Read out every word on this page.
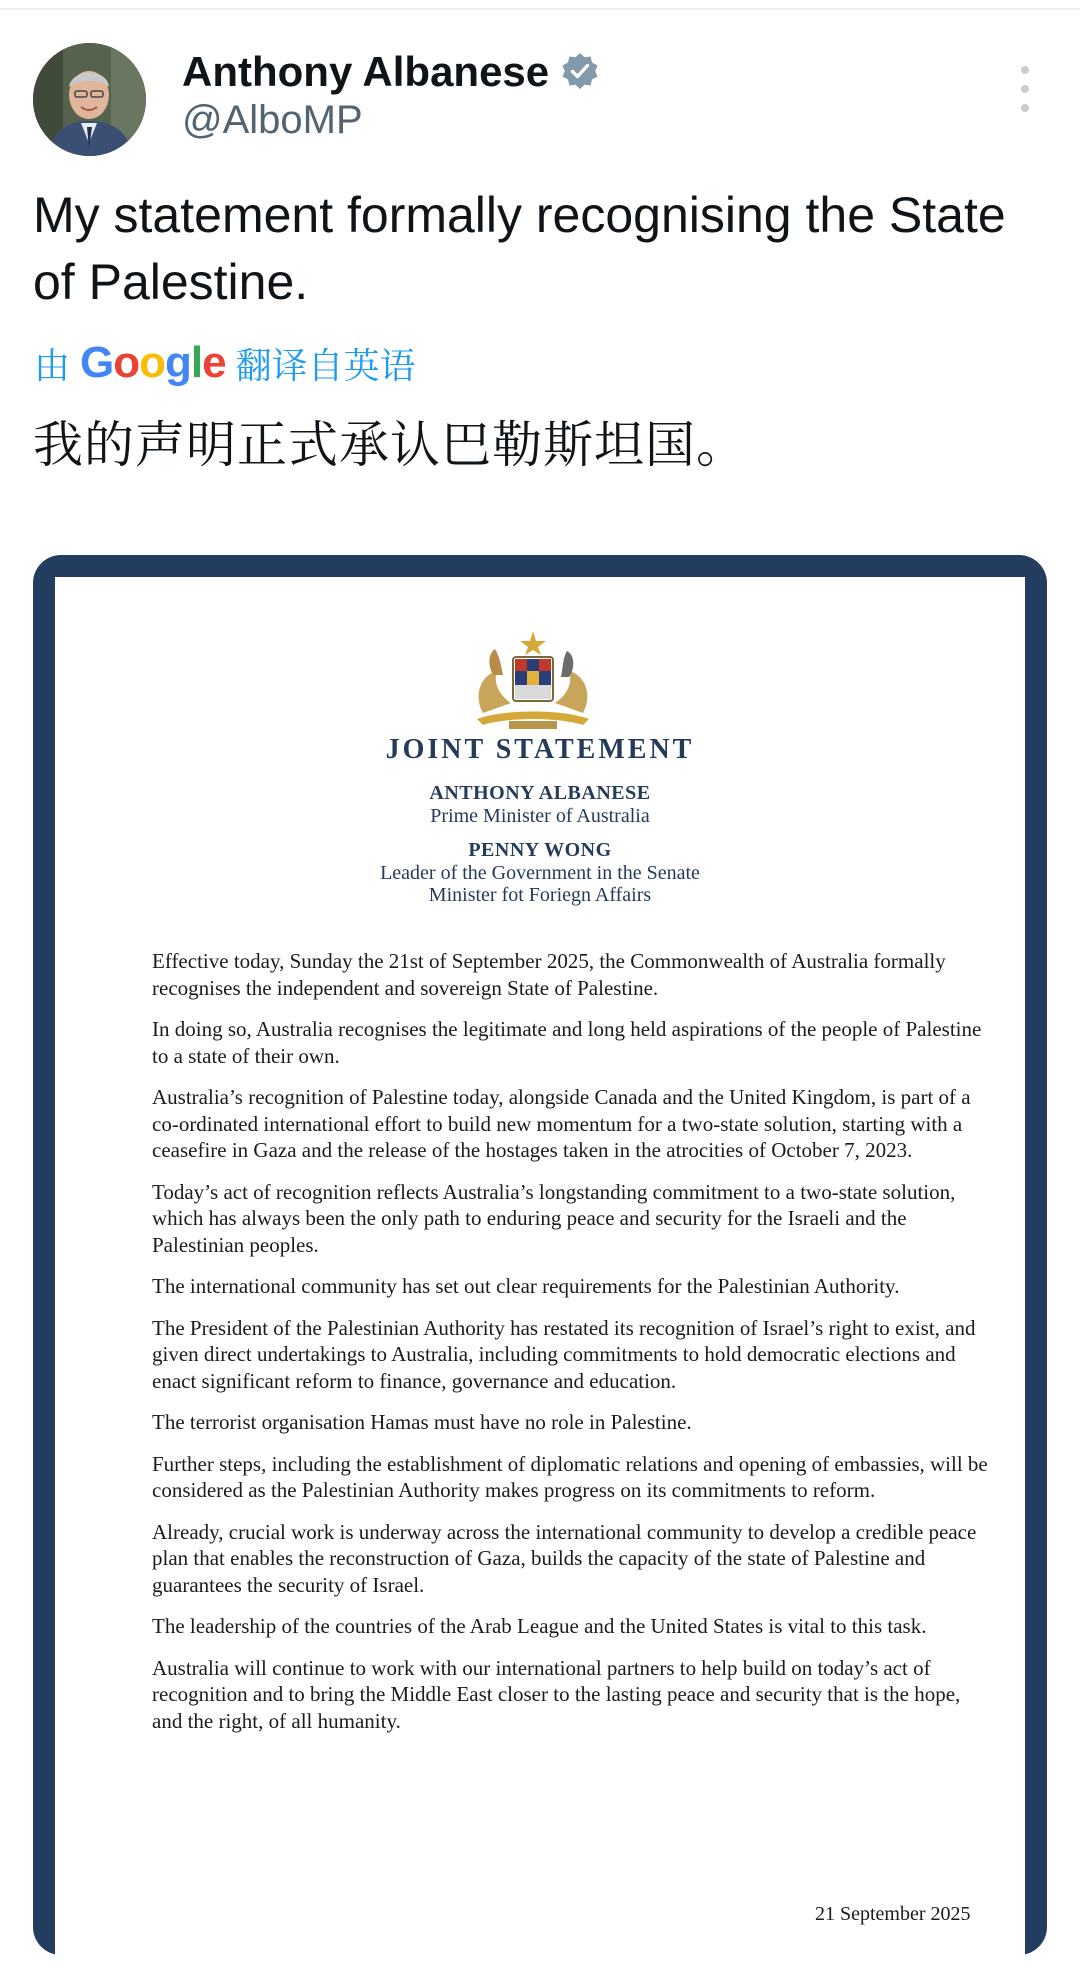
Anthony Albanese
@AlboMP
My statement formally recognising the State of Palestine.
由 Google 翻译自英语
我的声明正式承认巴勒斯坦国。
JOINT STATEMENT
ANTHONY ALBANESE
Prime Minister of Australia
PENNY WONG
Leader of the Government in the Senate
Minister fot Foriegn Affairs

Effective today, Sunday the 21st of September 2025, the Commonwealth of Australia formally recognises the independent and sovereign State of Palestine.

In doing so, Australia recognises the legitimate and long held aspirations of the people of Palestine to a state of their own.

Australia’s recognition of Palestine today, alongside Canada and the United Kingdom, is part of a co-ordinated international effort to build new momentum for a two-state solution, starting with a ceasefire in Gaza and the release of the hostages taken in the atrocities of October 7, 2023.

Today’s act of recognition reflects Australia’s longstanding commitment to a two-state solution, which has always been the only path to enduring peace and security for the Israeli and the Palestinian peoples.

The international community has set out clear requirements for the Palestinian Authority.

The President of the Palestinian Authority has restated its recognition of Israel’s right to exist, and given direct undertakings to Australia, including commitments to hold democratic elections and enact significant reform to finance, governance and education.

The terrorist organisation Hamas must have no role in Palestine.

Further steps, including the establishment of diplomatic relations and opening of embassies, will be considered as the Palestinian Authority makes progress on its commitments to reform.

Already, crucial work is underway across the international community to develop a credible peace plan that enables the reconstruction of Gaza, builds the capacity of the state of Palestine and guarantees the security of Israel.

The leadership of the countries of the Arab League and the United States is vital to this task.

Australia will continue to work with our international partners to help build on today’s act of recognition and to bring the Middle East closer to the lasting peace and security that is the hope, and the right, of all humanity.

21 September 2025
